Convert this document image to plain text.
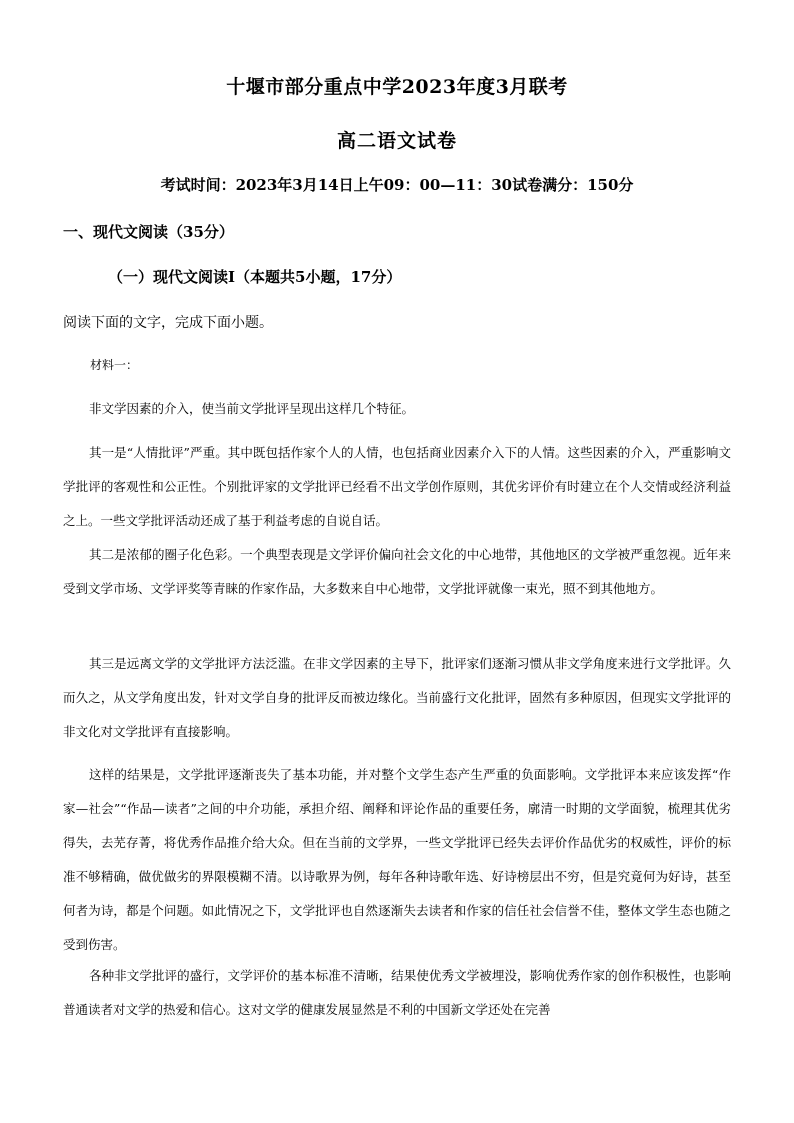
十堰市部分重点中学2023年度3月联考
高二语文试卷
考试时间：2023年3月14日上午09：00—11：30试卷满分：150分
一、现代文阅读（35分）
（一）现代文阅读Ⅰ（本题共5小题，17分）
阅读下面的文字，完成下面小题。
材料一：

非文学因素的介入，使当前文学批评呈现出这样几个特征。

其一是“人情批评”严重。其中既包括作家个人的人情，也包括商业因素介入下的人情。这些因素的介入，严重影响文学批评的客观性和公正性。个别批评家的文学批评已经看不出文学创作原则，其优劣评价有时建立在个人交情或经济利益之上。一些文学批评活动还成了基于利益考虑的自说自话。

其二是浓郁的圈子化色彩。一个典型表现是文学评价偏向社会文化的中心地带，其他地区的文学被严重忽视。近年来受到文学市场、文学评奖等青睐的作家作品，大多数来自中心地带，文学批评就像一束光，照不到其他地方。

其三是远离文学的文学批评方法泛滥。在非文学因素的主导下，批评家们逐渐习惯从非文学角度来进行文学批评。久而久之，从文学角度出发，针对文学自身的批评反而被边缘化。当前盛行文化批评，固然有多种原因，但现实文学批评的非文化对文学批评有直接影响。

这样的结果是，文学批评逐渐丧失了基本功能，并对整个文学生态产生严重的负面影响。文学批评本来应该发挥“作家—社会”“作品—读者”之间的中介功能，承担介绍、阐释和评论作品的重要任务，廓清一时期的文学面貌，梳理其优劣得失，去芜存菁，将优秀作品推介给大众。但在当前的文学界，一些文学批评已经失去评价作品优劣的权威性，评价的标准不够精确，做优做劣的界限模糊不清。以诗歌界为例，每年各种诗歌年选、好诗榜层出不穷，但是究竟何为好诗，甚至何者为诗，都是个问题。如此情况之下，文学批评也自然逐渐失去读者和作家的信任社会信誉不佳，整体文学生态也随之受到伤害。

各种非文学批评的盛行，文学评价的基本标准不清晰，结果使优秀文学被埋没，影响优秀作家的创作积极性，也影响普通读者对文学的热爱和信心。这对文学的健康发展显然是不利的中国新文学还处在完善
